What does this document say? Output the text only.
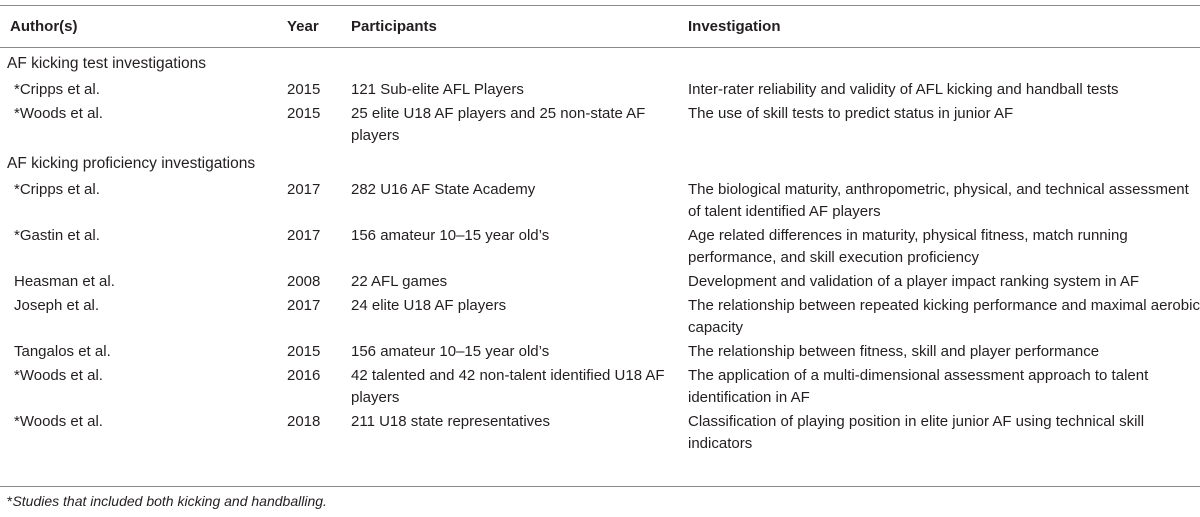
Author(s)	Year	Participants	Investigation
AF kicking test investigations			
*Cripps et al.	2015	121 Sub-elite AFL Players	Inter-rater reliability and validity of AFL kicking and handball tests
*Woods et al.	2015	25 elite U18 AF players and 25 non-state AF players	The use of skill tests to predict status in junior AF
AF kicking proficiency investigations			
*Cripps et al.	2017	282 U16 AF State Academy	The biological maturity, anthropometric, physical, and technical assessment of talent identified AF players
*Gastin et al.	2017	156 amateur 10–15 year old’s	Age related differences in maturity, physical fitness, match running performance, and skill execution proficiency
Heasman et al.	2008	22 AFL games	Development and validation of a player impact ranking system in AF
Joseph et al.	2017	24 elite U18 AF players	The relationship between repeated kicking performance and maximal aerobic capacity
Tangalos et al.	2015	156 amateur 10–15 year old’s	The relationship between fitness, skill and player performance
*Woods et al.	2016	42 talented and 42 non-talent identified U18 AF players	The application of a multi-dimensional assessment approach to talent identification in AF
*Woods et al.	2018	211 U18 state representatives	Classification of playing position in elite junior AF using technical skill indicators
*Studies that included both kicking and handballing.
